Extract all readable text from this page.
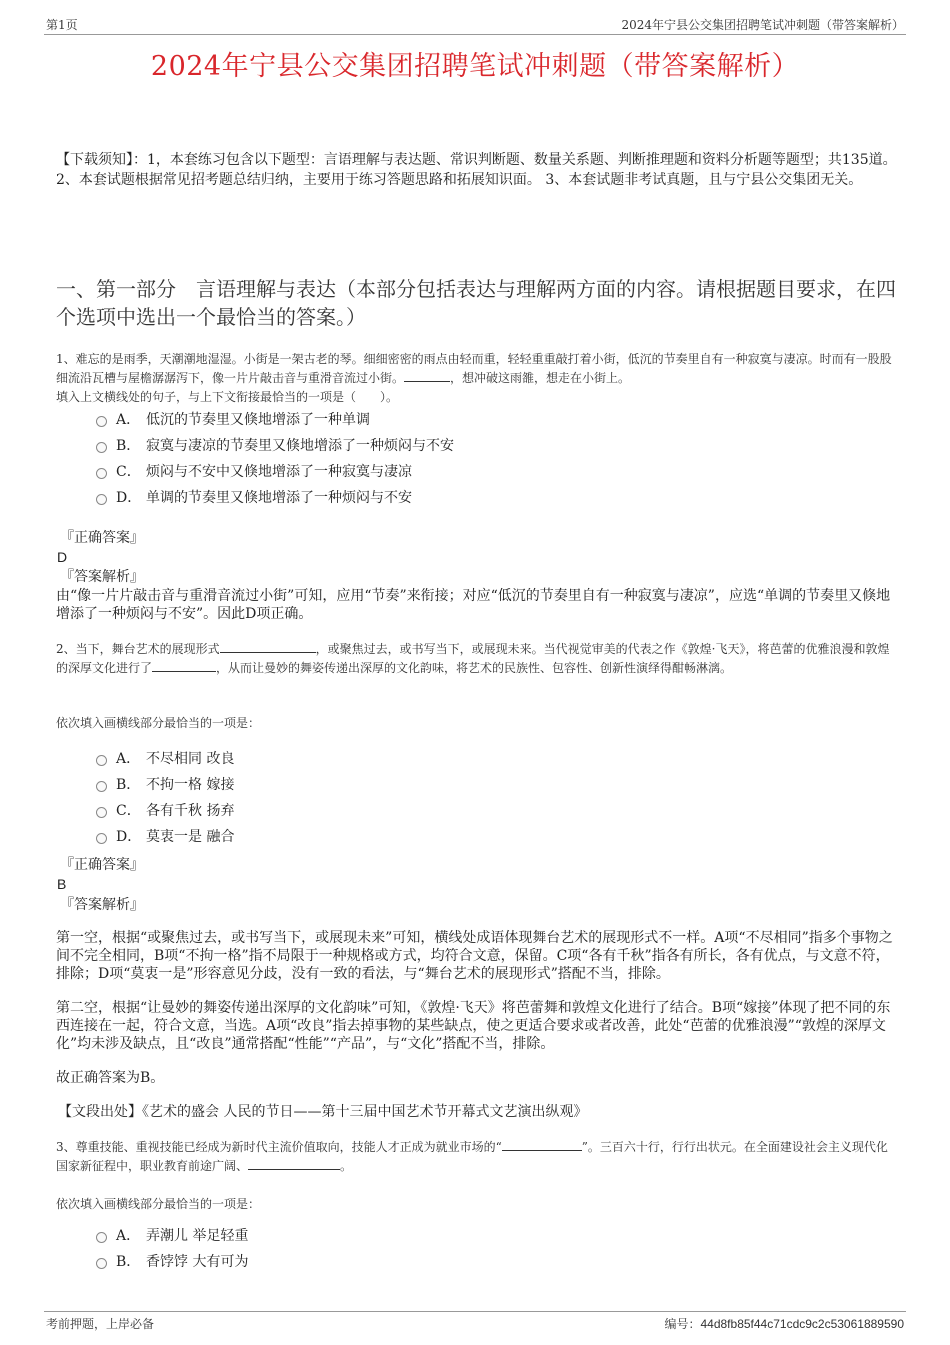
第1页	2024年宁县公交集团招聘笔试冲刺题（带答案解析）
2024年宁县公交集团招聘笔试冲刺题（带答案解析）
【下载须知】：1，本套练习包含以下题型：言语理解与表达题、常识判断题、数量关系题、判断推理题和资料分析题等题型；共135道。 2、本套试题根据常见招考题总结归纳，主要用于练习答题思路和拓展知识面。 3、本套试题非考试真题，且与宁县公交集团无关。
一、第一部分　言语理解与表达（本部分包括表达与理解两方面的内容。请根据题目要求，在四个选项中选出一个最恰当的答案。）
1、难忘的是雨季，天潮潮地湿湿。小街是一架古老的琴。细细密密的雨点由轻而重，轻轻重重敲打着小街，低沉的节奏里自有一种寂寞与凄凉。时而有一股股细流沿瓦槽与屋檐潺潺泻下，像一片片敲击音与重滑音流过小街。	，想冲破这雨雒，想走在小街上。
填入上文横线处的句子，与上下文衔接最恰当的一项是（　　）。
A． 低沉的节奏里又倏地增添了一种单调
B． 寂寞与凄凉的节奏里又倏地增添了一种烦闷与不安
C． 烦闷与不安中又倏地增添了一种寂寞与凄凉
D． 单调的节奏里又倏地增添了一种烦闷与不安
『正确答案』
D
『答案解析』
由“像一片片敲击音与重滑音流过小街”可知，应用“节奏”来衔接；对应“低沉的节奏里自有一种寂寞与凄凉”，应选“单调的节奏里又倏地增添了一种烦闷与不安”。因此D项正确。
2、当下，舞台艺术的展现形式	，或聚焦过去，或书写当下，或展现未来。当代视觉审美的代表之作《敦煌·飞天》，将芭蕾的优雅浪漫和敦煌的深厚文化进行了	，从而让曼妙的舞姿传递出深厚的文化韵味，将艺术的民族性、包容性、创新性演绎得酣畅淋漓。
依次填入画横线部分最恰当的一项是：
A． 不尽相同 改良
B． 不拘一格 嫁接
C． 各有千秋 扬弃
D． 莫衷一是 融合
『正确答案』
B
『答案解析』
第一空，根据“或聚焦过去，或书写当下，或展现未来”可知，横线处成语体现舞台艺术的展现形式不一样。A项“不尽相同”指多个事物之间不完全相同，B项“不拘一格”指不局限于一种规格或方式，均符合文意，保留。C项“各有千秋”指各有所长，各有优点，与文意不符，排除；D项“莫衷一是”形容意见分歧，没有一致的看法，与“舞台艺术的展现形式”搭配不当，排除。
第二空，根据“让曼妙的舞姿传递出深厚的文化韵味”可知，《敦煌·飞天》将芭蕾舞和敦煌文化进行了结合。B项“嫁接”体现了把不同的东西连接在一起，符合文意，当选。A项“改良”指去掉事物的某些缺点，使之更适合要求或者改善，此处“芭蕾的优雅浪漫”“敦煌的深厚文化”均未涉及缺点，且“改良”通常搭配“性能”“产品”，与“文化”搭配不当，排除。
故正确答案为B。
【文段出处】《艺术的盛会 人民的节日——第十三届中国艺术节开幕式文艺演出纵观》
3、尊重技能、重视技能已经成为新时代主流价值取向，技能人才正成为就业市场的“	”。三百六十行，行行出状元。在全面建设社会主义现代化国家新征程中，职业教育前途广阔、	。
依次填入画横线部分最恰当的一项是：
A． 弄潮儿 举足轻重
B． 香饽饽 大有可为
考前押题，上岸必备	编号：44d8fb85f44c71cdc9c2c53061889590
